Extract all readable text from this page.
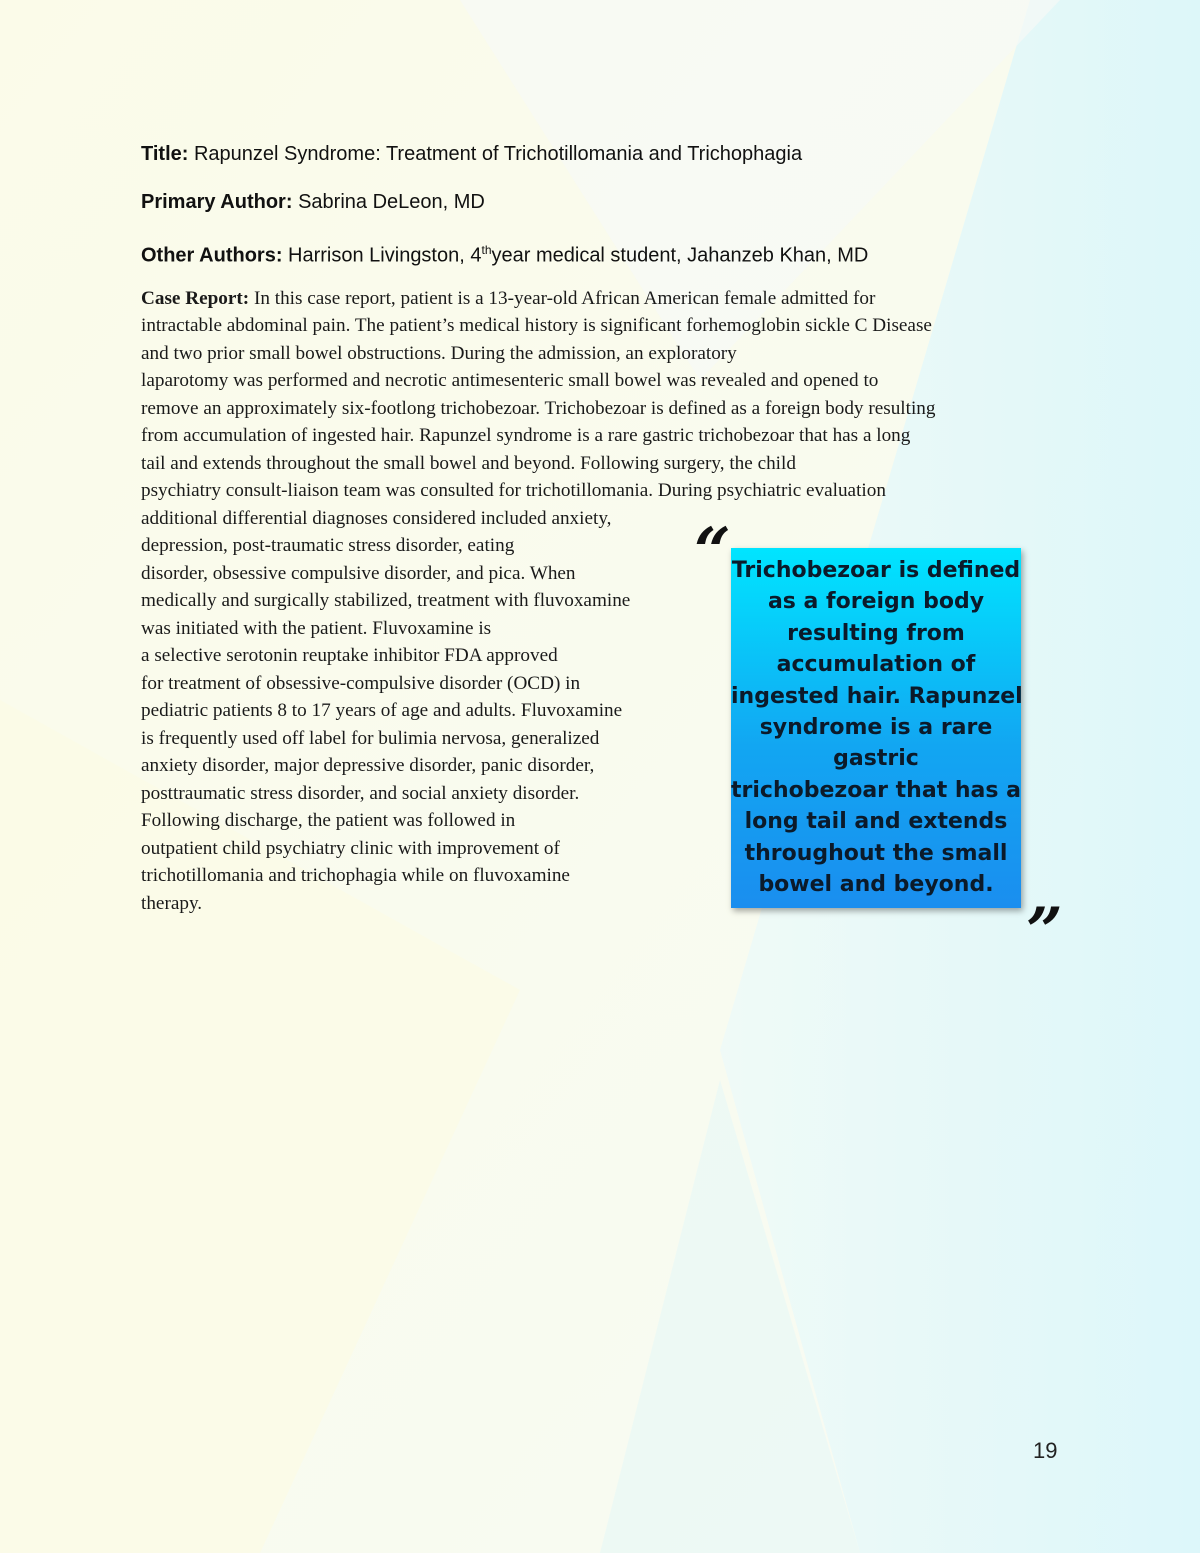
Title: Rapunzel Syndrome: Treatment of Trichotillomania and Trichophagia
Primary Author: Sabrina DeLeon, MD
Other Authors: Harrison Livingston, 4thyear medical student, Jahanzeb Khan, MD
Case Report: In this case report, patient is a 13-year-old African American female admitted for
intractable abdominal pain. The patient’s medical history is significant forhemoglobin sickle C Disease
and two prior small bowel obstructions. During the admission, an exploratory
laparotomy was performed and necrotic antimesenteric small bowel was revealed and opened to
remove an approximately six-footlong trichobezoar. Trichobezoar is defined as a foreign body resulting
from accumulation of ingested hair. Rapunzel syndrome is a rare gastric trichobezoar that has a long
tail and extends throughout the small bowel and beyond. Following surgery, the child
psychiatry consult-liaison team was consulted for trichotillomania. During psychiatric evaluation
additional differential diagnoses considered included anxiety,
depression, post-traumatic stress disorder, eating
disorder, obsessive compulsive disorder, and pica. When
medically and surgically stabilized, treatment with fluvoxamine
was initiated with the patient. Fluvoxamine is
a selective serotonin reuptake inhibitor FDA approved
for treatment of obsessive-compulsive disorder (OCD) in
pediatric patients 8 to 17 years of age and adults. Fluvoxamine
is frequently used off label for bulimia nervosa, generalized
anxiety disorder, major depressive disorder, panic disorder,
posttraumatic stress disorder, and social anxiety disorder.
Following discharge, the patient was followed in
outpatient child psychiatry clinic with improvement of
trichotillomania and trichophagia while on fluvoxamine
therapy.
“ Trichobezoar is defined
as a foreign body
resulting from
accumulation of
ingested hair. Rapunzel
syndrome is a rare
gastric
trichobezoar that has a
long tail and extends
throughout the small
bowel and beyond.
”
19
